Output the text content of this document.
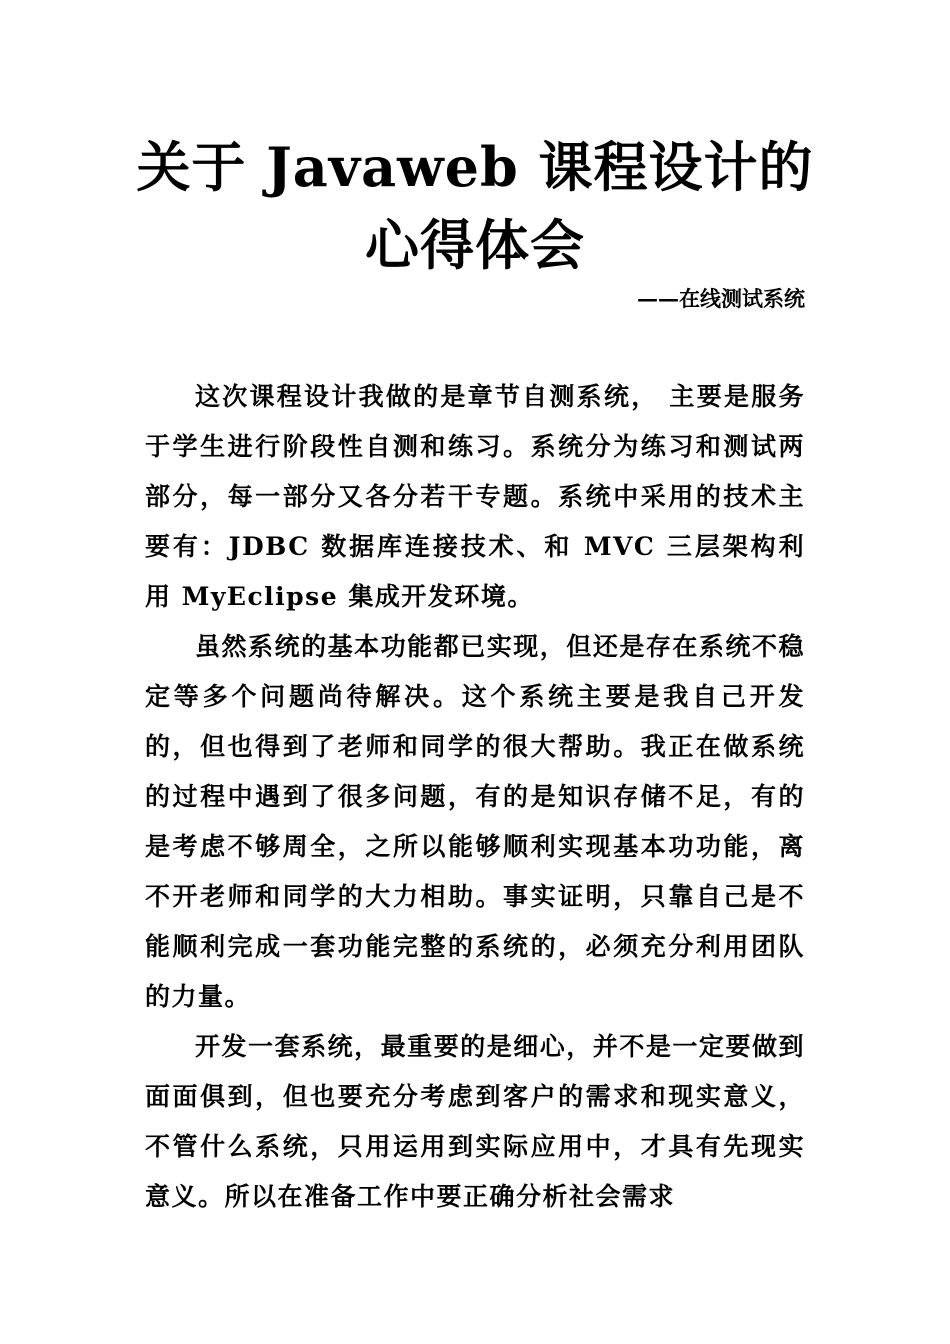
关于 Javaweb 课程设计的
心得体会
——在线测试系统

这次课程设计我做的是章节自测系统， 主要是服务于学生进行阶段性自测和练习。系统分为练习和测试两部分，每一部分又各分若干专题。系统中采用的技术主要有：JDBC 数据库连接技术、和 MVC 三层架构利用 MyEclipse 集成开发环境。

虽然系统的基本功能都已实现，但还是存在系统不稳定等多个问题尚待解决。这个系统主要是我自己开发的，但也得到了老师和同学的很大帮助。我正在做系统的过程中遇到了很多问题，有的是知识存储不足，有的是考虑不够周全，之所以能够顺利实现基本功功能，离不开老师和同学的大力相助。事实证明，只靠自己是不能顺利完成一套功能完整的系统的，必须充分利用团队的力量。

开发一套系统，最重要的是细心，并不是一定要做到面面俱到，但也要充分考虑到客户的需求和现实意义，不管什么系统，只用运用到实际应用中，才具有先现实意义。所以在准备工作中要正确分析社会需求
